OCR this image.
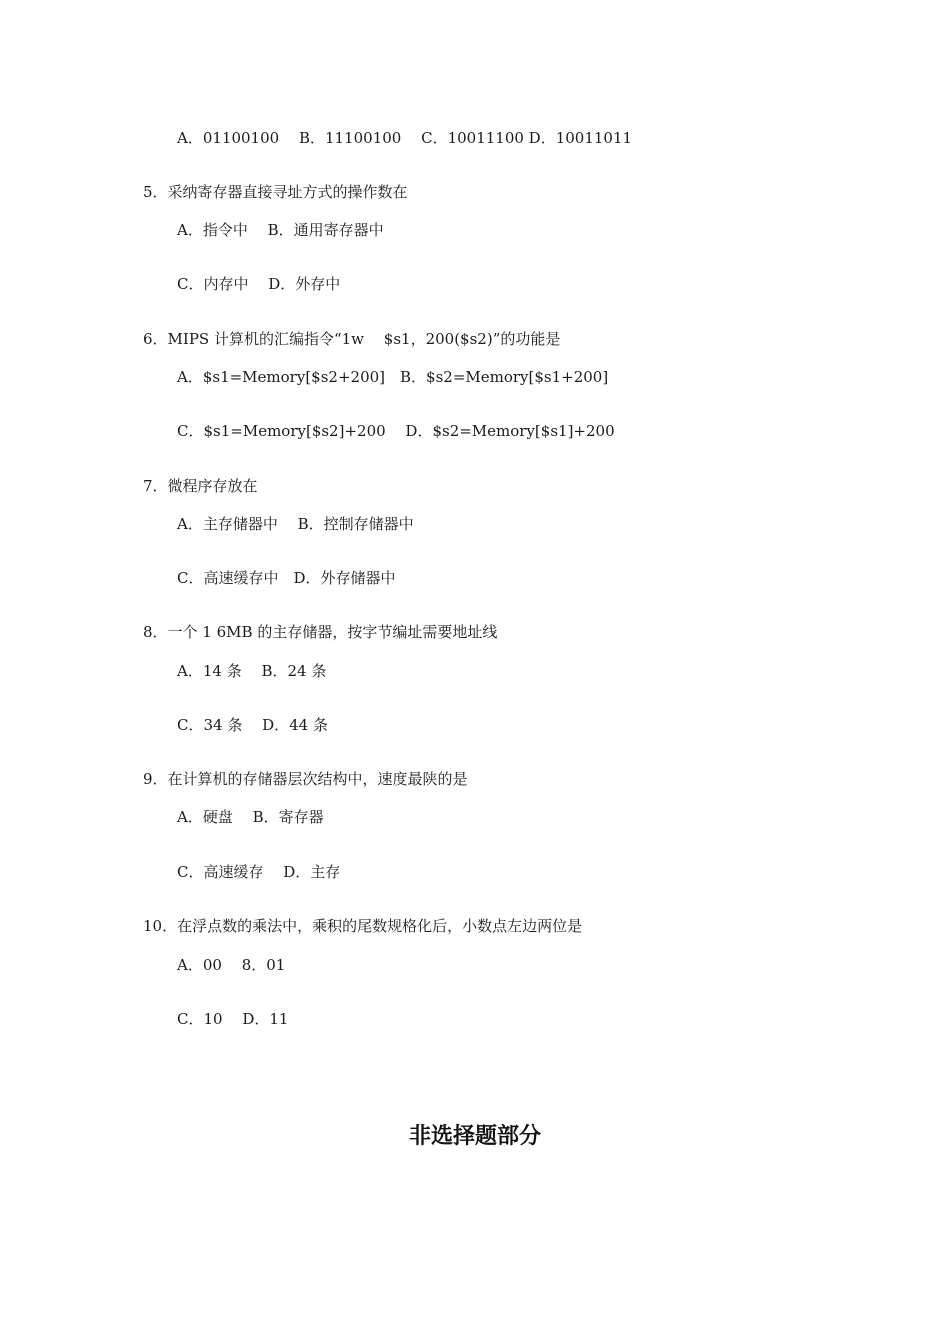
A．01100100　 B．11100100　 C．10011100 D．10011011
5．采纳寄存器直接寻址方式的操作数在
A．指令中　 B．通用寄存器中
C．内存中　 D．外存中
6．MIPS 计算机的汇编指令“1w　 $s1，200($s2)”的功能是
A．$s1=Memory[$s2+200]　B．$s2=Memory[$s1+200]
C．$s1=Memory[$s2]+200　 D．$s2=Memory[$s1]+200
7．微程序存放在
A．主存储器中　 B．控制存储器中
C．高速缓存中　D．外存储器中
8．一个 1 6MB 的主存储器，按字节编址需要地址线
A．14 条　 B．24 条
C．34 条　 D．44 条
9．在计算机的存储器层次结构中，速度最陕的是
A．硬盘　 B．寄存器
C．高速缓存　 D．主存
10．在浮点数的乘法中，乘积的尾数规格化后，小数点左边两位是
A．00　 8．01
C．10　 D．11
非选择题部分
